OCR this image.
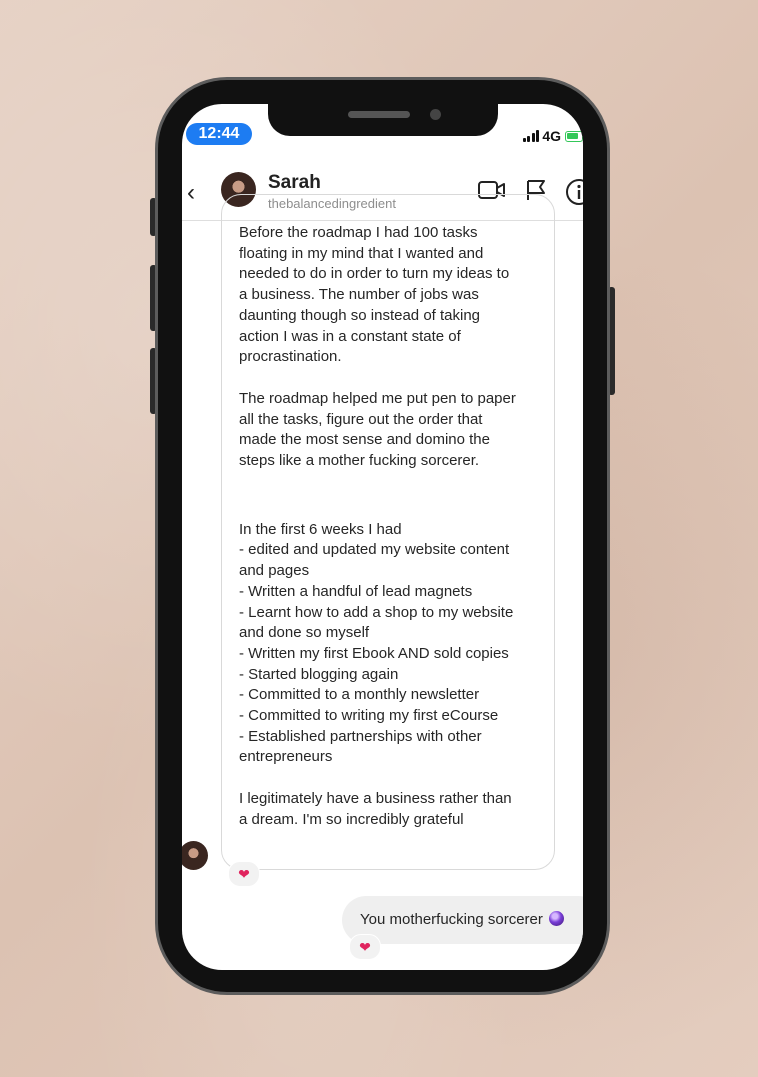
12:44	4G
‹	Sarah
thebalancedingredient

Before the roadmap I had 100 tasks
floating in my mind that I wanted and
needed to do in order to turn my ideas to
a business. The number of jobs was
daunting though so instead of taking
action I was in a constant state of
procrastination.

The roadmap helped me put pen to paper
all the tasks, figure out the order that
made the most sense and domino the
steps like a mother fucking sorcerer.

In the first 6 weeks I had
- edited and updated my website content
and pages
- Written a handful of lead magnets
- Learnt how to add a shop to my website
and done so myself
- Written my first Ebook AND sold copies
- Started blogging again
- Committed to a monthly newsletter
- Committed to writing my first eCourse
- Established partnerships with other
entrepreneurs

I legitimately have a business rather than
a dream. I'm so incredibly grateful

❤
You motherfucking sorcerer
❤
